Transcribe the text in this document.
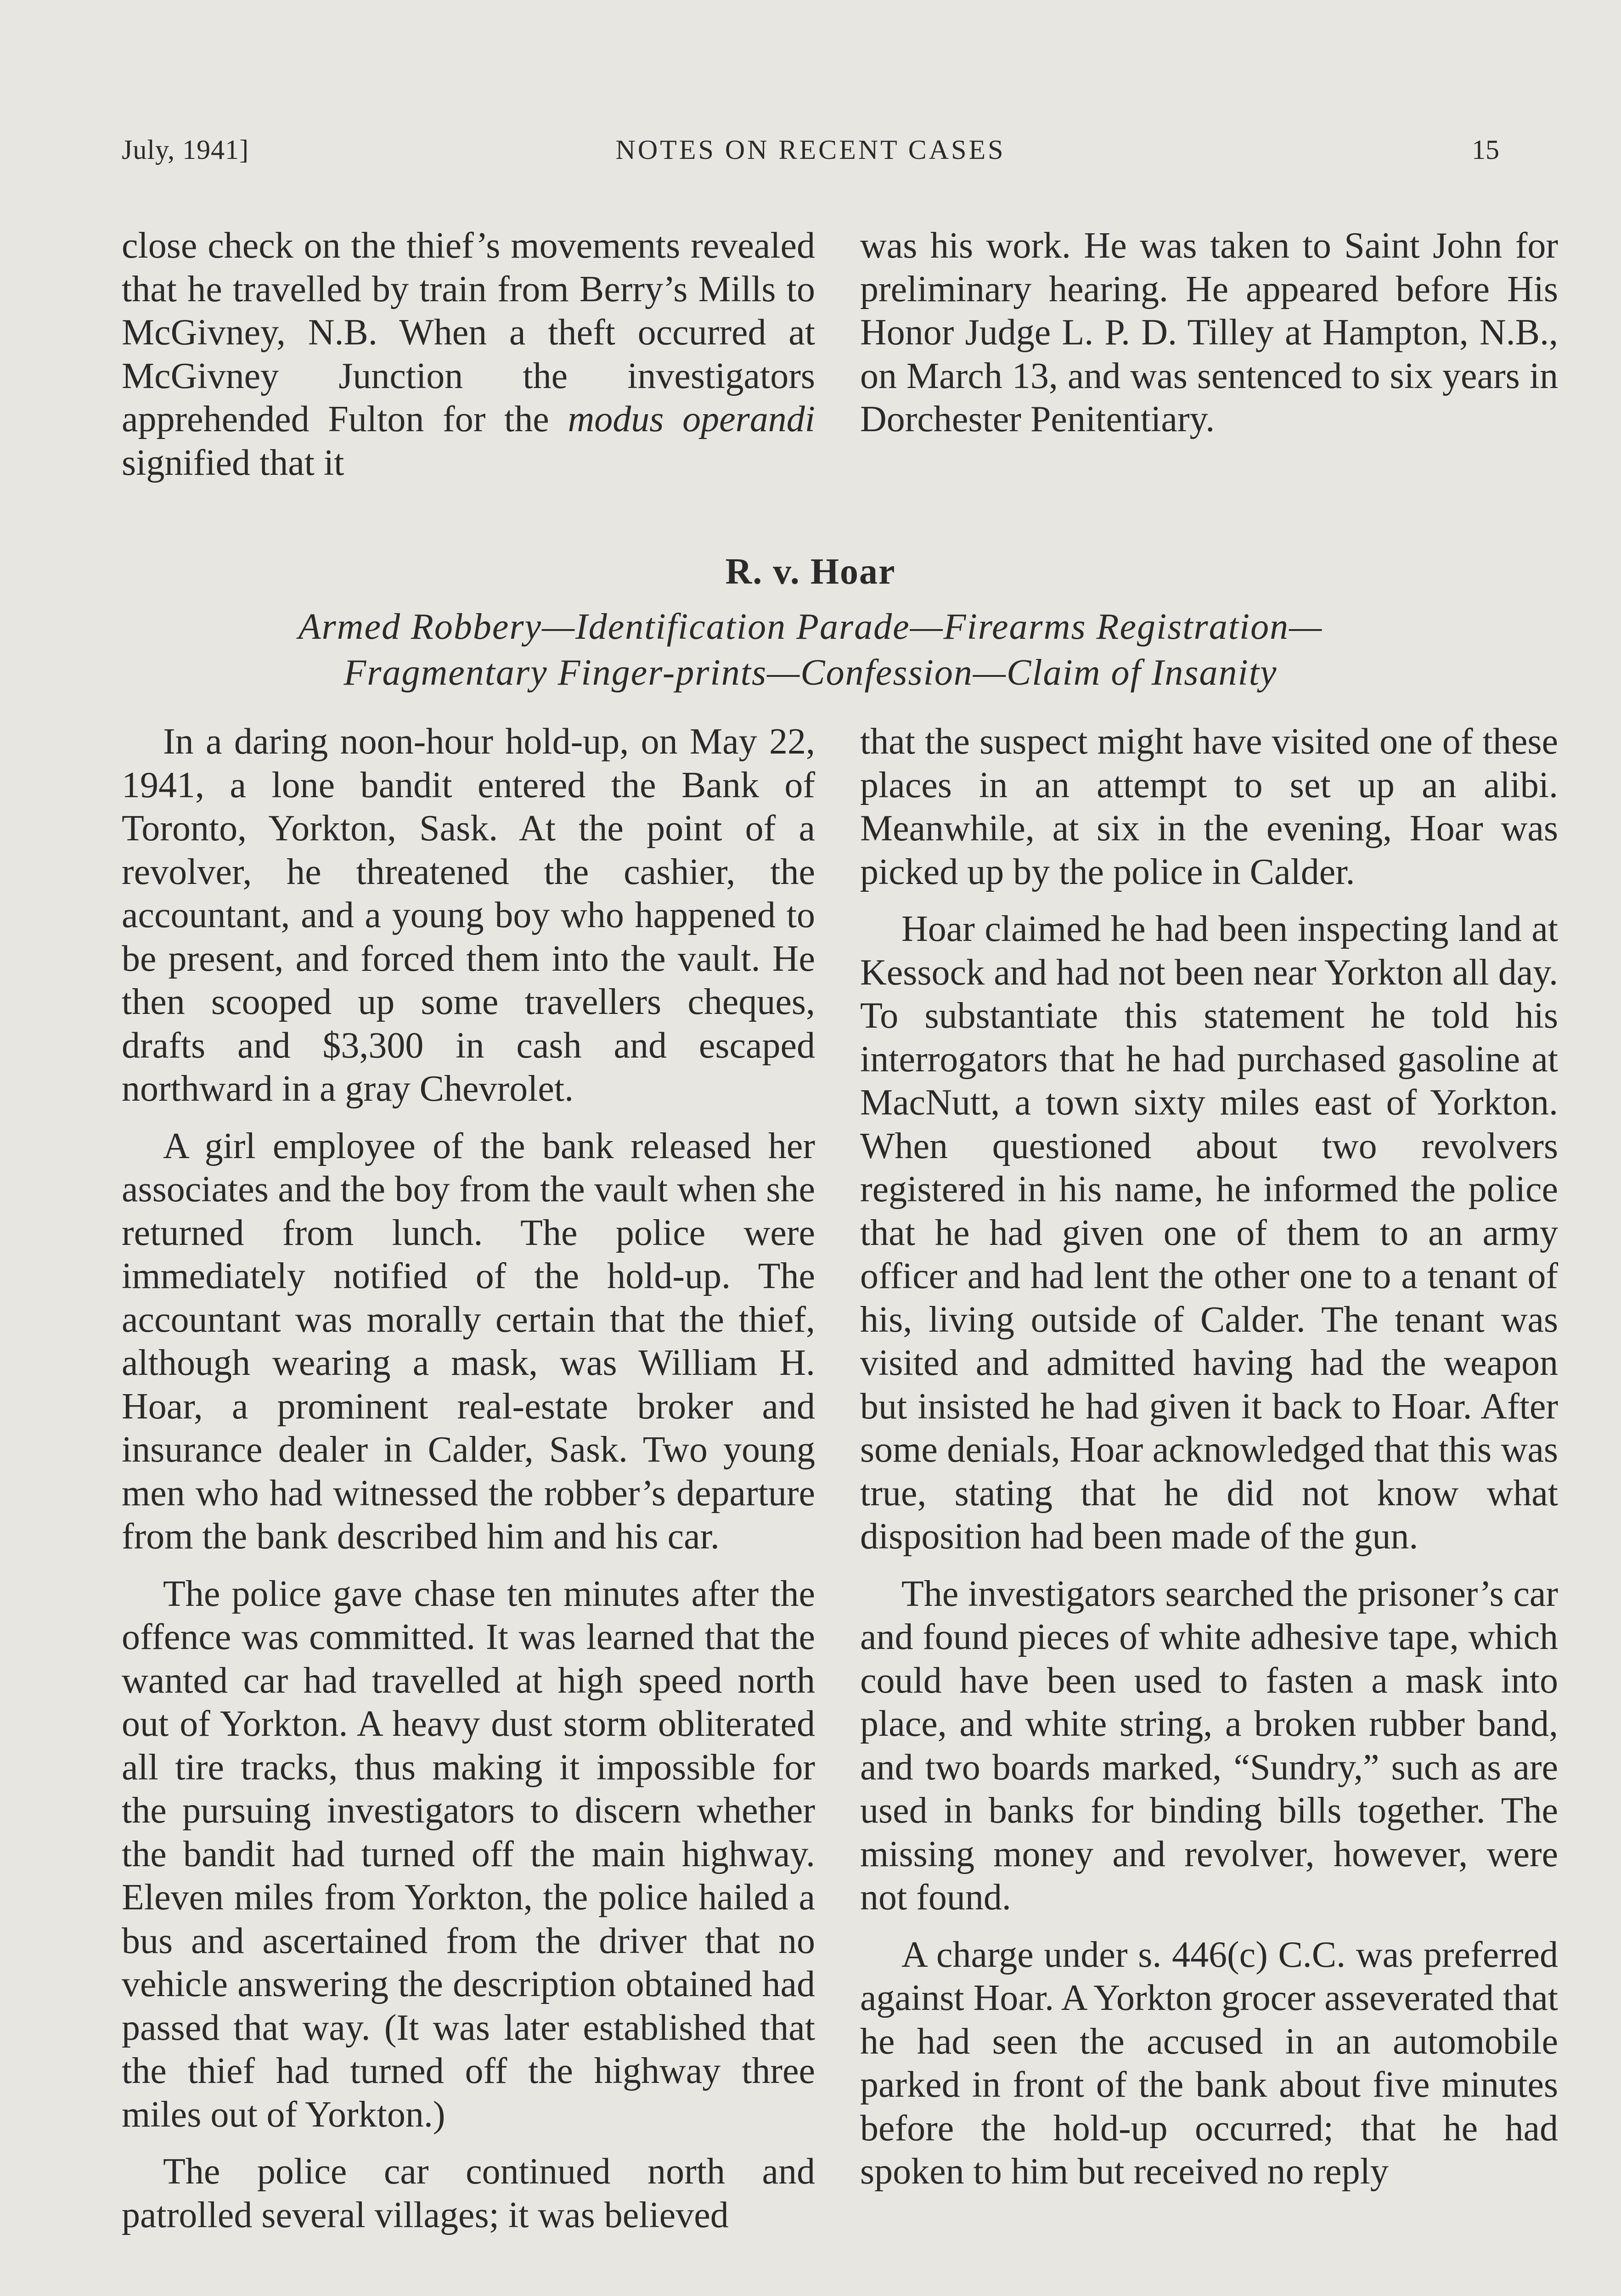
July, 1941]	NOTES ON RECENT CASES	15

close check on the thief’s movements revealed that he travelled by train from Berry’s Mills to McGivney, N.B. When a theft occurred at McGivney Junction the investigators apprehended Fulton for the modus operandi signified that it

was his work. He was taken to Saint John for preliminary hearing. He appeared before His Honor Judge L. P. D. Tilley at Hampton, N.B., on March 13, and was sentenced to six years in Dorchester Penitentiary.

R. v. Hoar
Armed Robbery—Identification Parade—Firearms Registration—
Fragmentary Finger-prints—Confession—Claim of Insanity

In a daring noon-hour hold-up, on May 22, 1941, a lone bandit entered the Bank of Toronto, Yorkton, Sask. At the point of a revolver, he threatened the cashier, the accountant, and a young boy who happened to be present, and forced them into the vault. He then scooped up some travellers cheques, drafts and $3,300 in cash and escaped northward in a gray Chevrolet.

A girl employee of the bank released her associates and the boy from the vault when she returned from lunch. The police were immediately notified of the hold-up. The accountant was morally certain that the thief, although wearing a mask, was William H. Hoar, a prominent real-estate broker and insurance dealer in Calder, Sask. Two young men who had witnessed the robber’s departure from the bank described him and his car.

The police gave chase ten minutes after the offence was committed. It was learned that the wanted car had travelled at high speed north out of Yorkton. A heavy dust storm obliterated all tire tracks, thus making it impossible for the pursuing investigators to discern whether the bandit had turned off the main highway. Eleven miles from Yorkton, the police hailed a bus and ascertained from the driver that no vehicle answering the description obtained had passed that way. (It was later established that the thief had turned off the highway three miles out of Yorkton.)

The police car continued north and patrolled several villages; it was believed

that the suspect might have visited one of these places in an attempt to set up an alibi. Meanwhile, at six in the evening, Hoar was picked up by the police in Calder.

Hoar claimed he had been inspecting land at Kessock and had not been near Yorkton all day. To substantiate this statement he told his interrogators that he had purchased gasoline at MacNutt, a town sixty miles east of Yorkton. When questioned about two revolvers registered in his name, he informed the police that he had given one of them to an army officer and had lent the other one to a tenant of his, living outside of Calder. The tenant was visited and admitted having had the weapon but insisted he had given it back to Hoar. After some denials, Hoar acknowledged that this was true, stating that he did not know what disposition had been made of the gun.

The investigators searched the prisoner’s car and found pieces of white adhesive tape, which could have been used to fasten a mask into place, and white string, a broken rubber band, and two boards marked, “Sundry,” such as are used in banks for binding bills together. The missing money and revolver, however, were not found.

A charge under s. 446(c) C.C. was preferred against Hoar. A Yorkton grocer asseverated that he had seen the accused in an automobile parked in front of the bank about five minutes before the hold-up occurred; that he had spoken to him but received no reply
